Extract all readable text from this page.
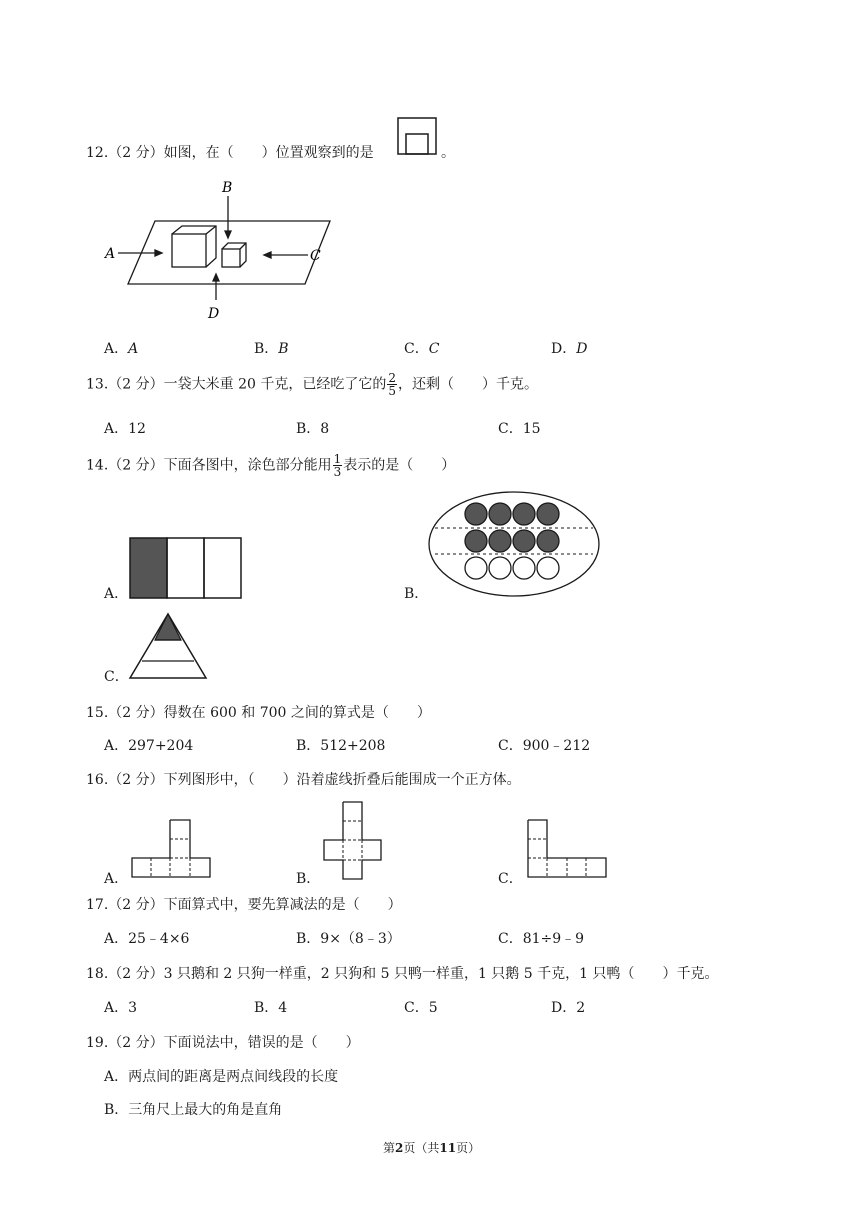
12.（2 分）如图，在（　　）位置观察到的是	。
A
B
C
D
A．A	B．B	C．C	D．D
13.（2 分）一袋大米重 20 千克，已经吃了它的 $\frac{2}{5}$ ，还剩（　　）千克。
A．12	B．8	C．15
14.（2 分）下面各图中，涂色部分能用 $\frac{1}{3}$ 表示的是（　　）
A．	B．
C．
15.（2 分）得数在 600 和 700 之间的算式是（　　）
A．297+204	B．512+208	C．900﹣212
16.（2 分）下列图形中，（　　）沿着虚线折叠后能围成一个正方体。
A．	B．	C．
17.（2 分）下面算式中，要先算减法的是（　　）
A．25﹣4×6	B．9×（8﹣3）	C．81÷9﹣9
18.（2 分）3 只鹅和 2 只狗一样重，2 只狗和 5 只鸭一样重，1 只鹅 5 千克，1 只鸭（　　）千克。
A．3	B．4	C．5	D．2
19.（2 分）下面说法中，错误的是（　　）
A．两点间的距离是两点间线段的长度
B．三角尺上最大的角是直角
第2页（共11页）
